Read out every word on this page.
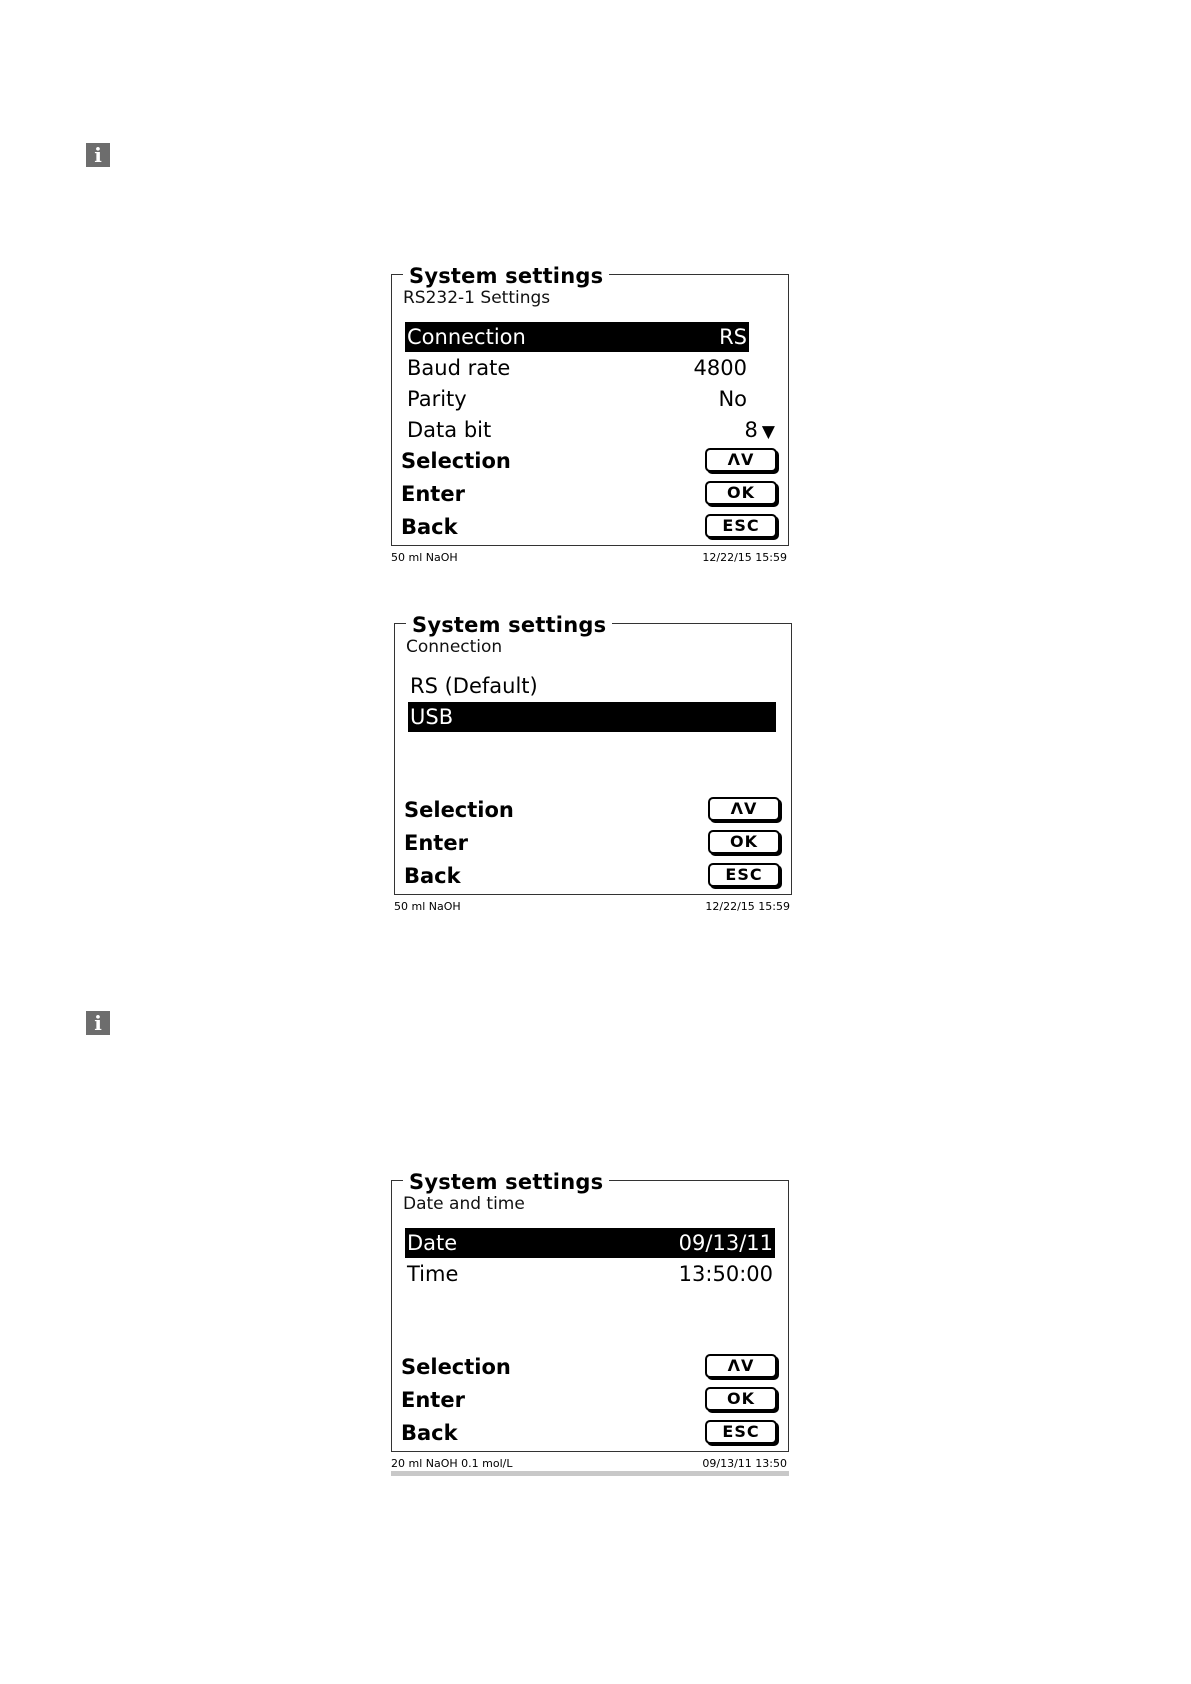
i
i
System settings
RS232-1 Settings
Connection	RS
Baud rate	4800
Parity	No
Data bit	8 ▼
Selection	ΛV
Enter	OK
Back	ESC
50 ml NaOH	12/22/15 15:59
System settings
Connection
RS (Default)
USB
Selection	ΛV
Enter	OK
Back	ESC
50 ml NaOH	12/22/15 15:59
System settings
Date and time
Date	09/13/11
Time	13:50:00
Selection	ΛV
Enter	OK
Back	ESC
20 ml NaOH 0.1 mol/L	09/13/11 13:50
